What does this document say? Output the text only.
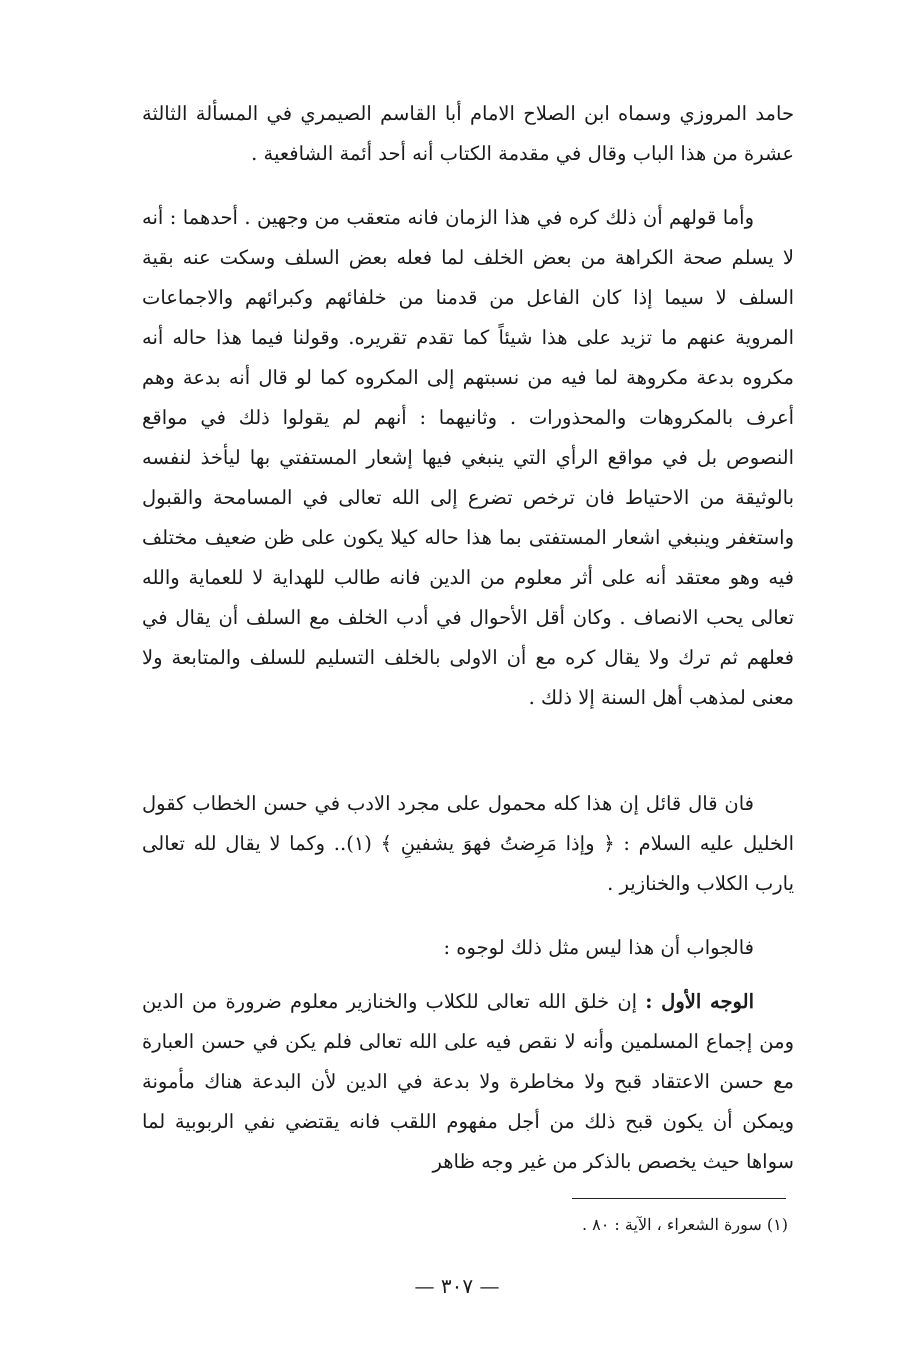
حامد المروزي وسماه ابن الصلاح الامام أبا القاسم الصيمري في المسألة الثالثة عشرة من هذا الباب وقال في مقدمة الكتاب أنه أحد أئمة الشافعية .

وأما قولهم أن ذلك كره في هذا الزمان فانه متعقب من وجهين . أحدهما : أنه لا يسلم صحة الكراهة من بعض الخلف لما فعله بعض السلف وسكت عنه بقية السلف لا سيما إذا كان الفاعل من قدمنا من خلفائهم وكبرائهم والاجماعات المروية عنهم ما تزيد على هذا شيئاً كما تقدم تقريره. وقولنا فيما هذا حاله أنه مكروه بدعة مكروهة لما فيه من نسبتهم إلى المكروه كما لو قال أنه بدعة وهم أعرف بالمكروهات والمحذورات . وثانيهما : أنهم لم يقولوا ذلك في مواقع النصوص بل في مواقع الرأي التي ينبغي فيها إشعار المستفتي بها ليأخذ لنفسه بالوثيقة من الاحتياط فان ترخص تضرع إلى الله تعالى في المسامحة والقبول واستغفر وينبغي اشعار المستفتى بما هذا حاله كيلا يكون على ظن ضعيف مختلف فيه وهو معتقد أنه على أثر معلوم من الدين فانه طالب للهداية لا للعماية والله تعالى يحب الانصاف . وكان أقل الأحوال في أدب الخلف مع السلف أن يقال في فعلهم ثم ترك ولا يقال كره مع أن الاولى بالخلف التسليم للسلف والمتابعة ولا معنى لمذهب أهل السنة إلا ذلك .

فان قال قائل إن هذا كله محمول على مجرد الادب في حسن الخطاب كقول الخليل عليه السلام : ﴿ وإذا مَرِضتُ فهوَ يشفينِ ﴾ (١).. وكما لا يقال لله تعالى يارب الكلاب والخنازير .

فالجواب أن هذا ليس مثل ذلك لوجوه :

الوجه الأول : إن خلق الله تعالى للكلاب والخنازير معلوم ضرورة من الدين ومن إجماع المسلمين وأنه لا نقص فيه على الله تعالى فلم يكن في حسن العبارة مع حسن الاعتقاد قبح ولا مخاطرة ولا بدعة في الدين لأن البدعة هناك مأمونة ويمكن أن يكون قبح ذلك من أجل مفهوم اللقب فانه يقتضي نفي الربوبية لما سواها حيث يخصص بالذكر من غير وجه ظاهر

(١) سورة الشعراء ، الآية : ٨٠ .
— ٣٠٧ —
